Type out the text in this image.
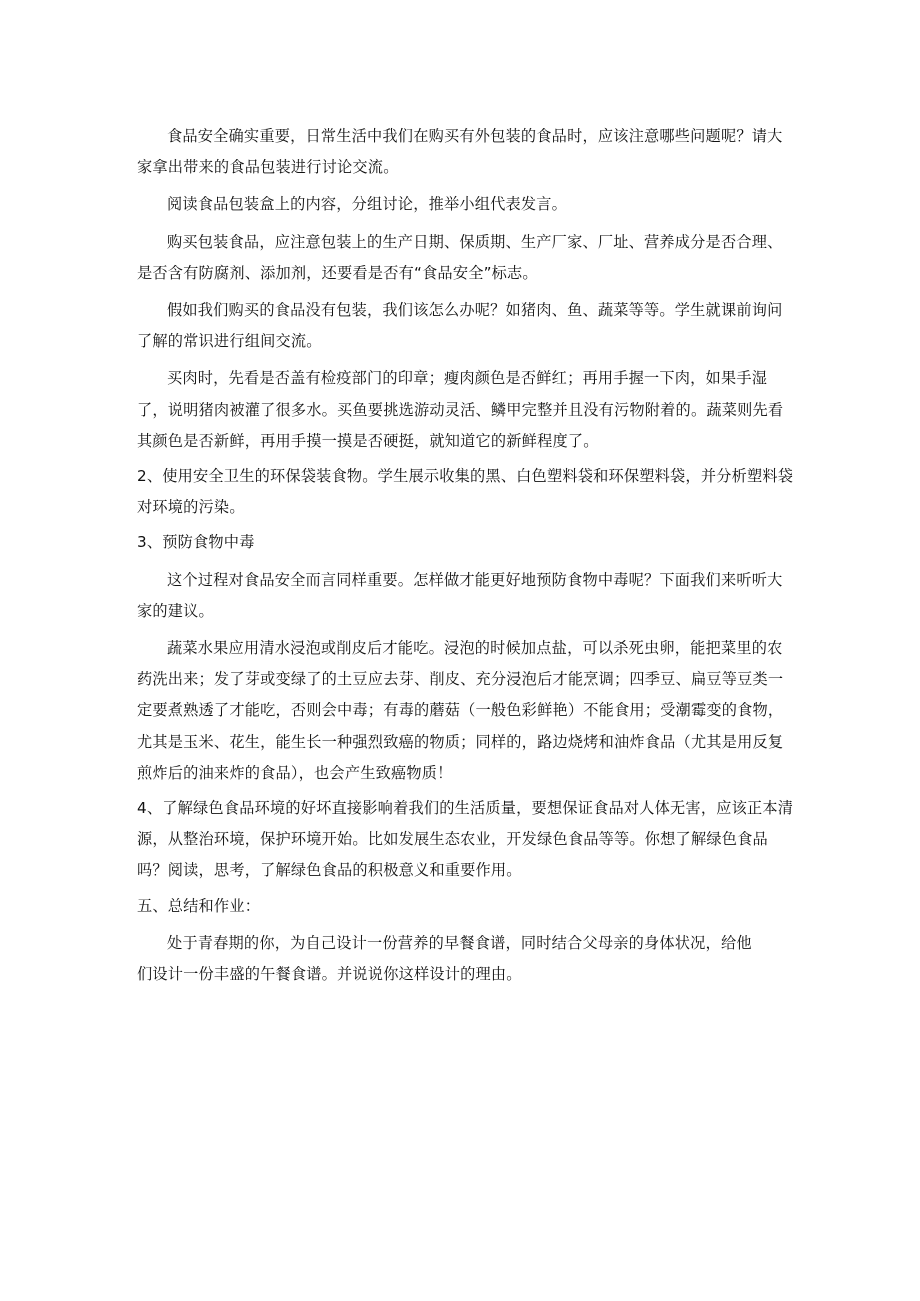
食品安全确实重要，日常生活中我们在购买有外包装的食品时，应该注意哪些问题呢？请大家拿出带来的食品包装进行讨论交流。

阅读食品包装盒上的内容，分组讨论，推举小组代表发言。

购买包装食品，应注意包装上的生产日期、保质期、生产厂家、厂址、营养成分是否合理、是否含有防腐剂、添加剂，还要看是否有“食品安全”标志。

假如我们购买的食品没有包装，我们该怎么办呢？如猪肉、鱼、蔬菜等等。学生就课前询问了解的常识进行组间交流。

买肉时，先看是否盖有检疫部门的印章；瘦肉颜色是否鲜红；再用手握一下肉，如果手湿了，说明猪肉被灌了很多水。买鱼要挑选游动灵活、鳞甲完整并且没有污物附着的。蔬菜则先看其颜色是否新鲜，再用手摸一摸是否硬挺，就知道它的新鲜程度了。

2、使用安全卫生的环保袋装食物。学生展示收集的黑、白色塑料袋和环保塑料袋，并分析塑料袋对环境的污染。

3、预防食物中毒

这个过程对食品安全而言同样重要。怎样做才能更好地预防食物中毒呢？下面我们来听听大家的建议。

蔬菜水果应用清水浸泡或削皮后才能吃。浸泡的时候加点盐，可以杀死虫卵，能把菜里的农药洗出来；发了芽或变绿了的土豆应去芽、削皮、充分浸泡后才能烹调；四季豆、扁豆等豆类一定要煮熟透了才能吃，否则会中毒；有毒的蘑菇（一般色彩鲜艳）不能食用；受潮霉变的食物，尤其是玉米、花生，能生长一种强烈致癌的物质；同样的，路边烧烤和油炸食品（尤其是用反复煎炸后的油来炸的食品），也会产生致癌物质！

4、了解绿色食品环境的好坏直接影响着我们的生活质量，要想保证食品对人体无害，应该正本清源，从整治环境，保护环境开始。比如发展生态农业，开发绿色食品等等。你想了解绿色食品吗？阅读，思考，了解绿色食品的积极意义和重要作用。

五、总结和作业：

处于青春期的你，为自己设计一份营养的早餐食谱，同时结合父母亲的身体状况，给他们设计一份丰盛的午餐食谱。并说说你这样设计的理由。
